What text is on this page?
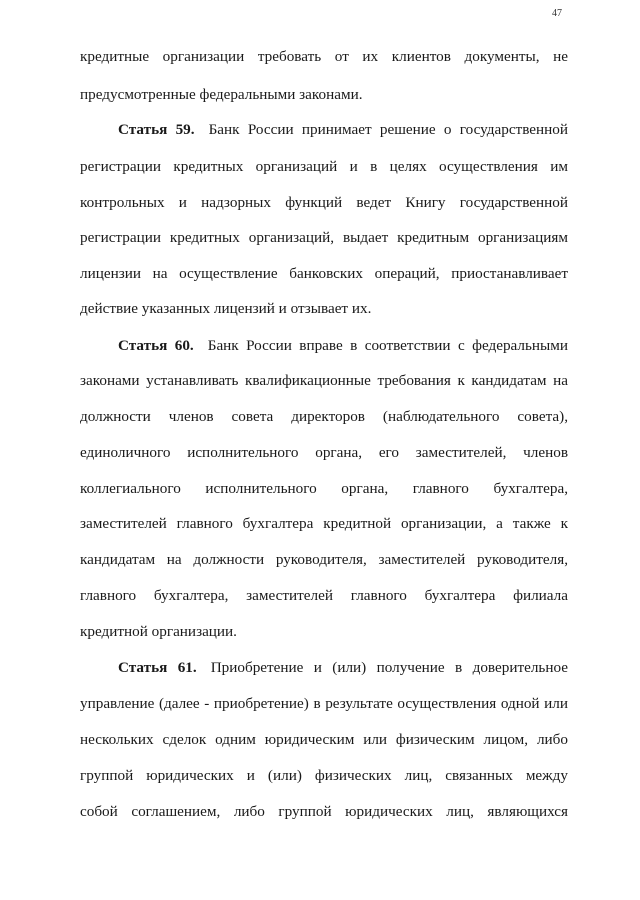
47
кредитные организации требовать от их клиентов документы, не
предусмотренные федеральными законами.
Статья 59. Банк России принимает решение о государственной
регистрации кредитных организаций и в целях осуществления им
контрольных и надзорных функций ведет Книгу государственной
регистрации кредитных организаций, выдает кредитным организациям
лицензии на осуществление банковских операций, приостанавливает
действие указанных лицензий и отзывает их.
Статья 60. Банк России вправе в соответствии с федеральными
законами устанавливать квалификационные требования к кандидатам на
должности членов совета директоров (наблюдательного совета),
единоличного исполнительного органа, его заместителей, членов
коллегиального исполнительного органа, главного бухгалтера,
заместителей главного бухгалтера кредитной организации, а также к
кандидатам на должности руководителя, заместителей руководителя,
главного бухгалтера, заместителей главного бухгалтера филиала
кредитной организации.
Статья 61. Приобретение и (или) получение в доверительное
управление (далее - приобретение) в результате осуществления одной или
нескольких сделок одним юридическим или физическим лицом, либо
группой юридических и (или) физических лиц, связанных между
собой соглашением, либо группой юридических лиц, являющихся
